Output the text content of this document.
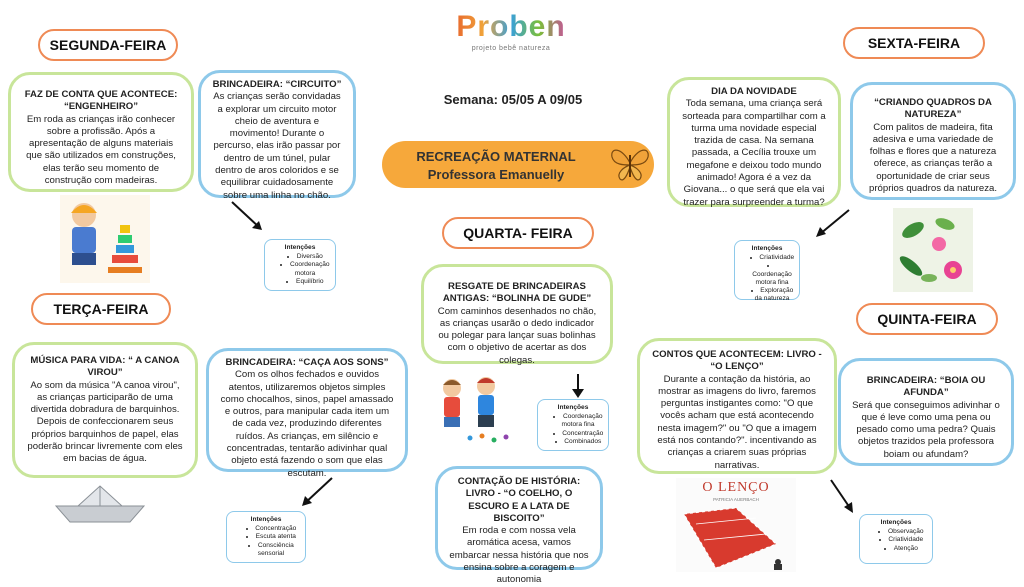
Proben
projeto bebê natureza
Semana: 05/05 A 09/05
RECREAÇÃO MATERNAL
Professora Emanuelly
SEGUNDA-FEIRA
TERÇA-FEIRA
QUARTA- FEIRA
QUINTA-FEIRA
SEXTA-FEIRA
FAZ DE CONTA QUE ACONTECE: “ENGENHEIRO”
Em roda as crianças irão conhecer sobre a profissão. Após a apresentação de alguns materiais que são utilizados em construções, elas terão seu momento de construção com madeiras.
BRINCADEIRA: “CIRCUITO”
As crianças serão convidadas a explorar um circuito motor cheio de aventura e movimento! Durante o percurso, elas irão passar por dentro de um túnel, pular dentro de aros coloridos e se equilibrar cuidadosamente sobre uma linha no chão.
Intenções
• Diversão
• Coordenação motora
• Equilíbrio
MÚSICA PARA VIDA: “ A CANOA VIROU”
Ao som da música "A canoa virou", as crianças participarão de uma divertida dobradura de barquinhos. Depois de confeccionarem seus próprios barquinhos de papel, elas poderão brincar livremente com eles em bacias de água.
BRINCADEIRA: “CAÇA AOS SONS”
Com os olhos fechados e ouvidos atentos, utilizaremos objetos simples como chocalhos, sinos, papel amassado e outros, para manipular cada item um de cada vez, produzindo diferentes ruídos. As crianças, em silêncio e concentradas, tentarão adivinhar qual objeto está fazendo o som que elas escutam.
Intenções
• Concentração
• Escuta atenta
• Consciência sensorial
RESGATE DE BRINCADEIRAS ANTIGAS: “BOLINHA DE GUDE”
Com caminhos desenhados no chão, as crianças usarão o dedo indicador ou polegar para lançar suas bolinhas com o objetivo de acertar as dos colegas.
Intenções
• Coordenação motora fina
• Concentração
• Combinados
CONTAÇÃO DE HISTÓRIA: LIVRO - “O COELHO, O ESCURO E A LATA DE BISCOITO”
Em roda e com nossa vela aromática acesa, vamos embarcar nessa história que nos ensina sobre a coragem e autonomia
CONTOS QUE ACONTECEM: LIVRO - “O LENÇO”
Durante a contação da história, ao mostrar as imagens do livro, faremos perguntas instigantes como: "O que vocês acham que está acontecendo nesta imagem?" ou "O que a imagem está nos contando?". incentivando as crianças a criarem suas próprias narrativas.
BRINCADEIRA: “BOIA OU AFUNDA”
Será que conseguimos adivinhar o que é leve como uma pena ou pesado como uma pedra? Quais objetos trazidos pela professora boiam ou afundam?
O LENÇO
PATRICIA AUERBACH
Intenções
• Observação
• Criatividade
• Atenção
DIA DA NOVIDADE
Toda semana, uma criança será sorteada para compartilhar com a turma uma novidade especial trazida de casa. Na semana passada, a Cecília trouxe um megafone e deixou todo mundo animado! Agora é a vez da Giovana... o que será que ela vai trazer para surpreender a turma?
“CRIANDO QUADROS DA NATUREZA”
Com palitos de madeira, fita adesiva e uma variedade de folhas e flores que a natureza oferece, as crianças terão a oportunidade de criar seus próprios quadros da natureza.
Intenções
• Criatividade
• Coordenação motora fina
• Exploração da natureza
